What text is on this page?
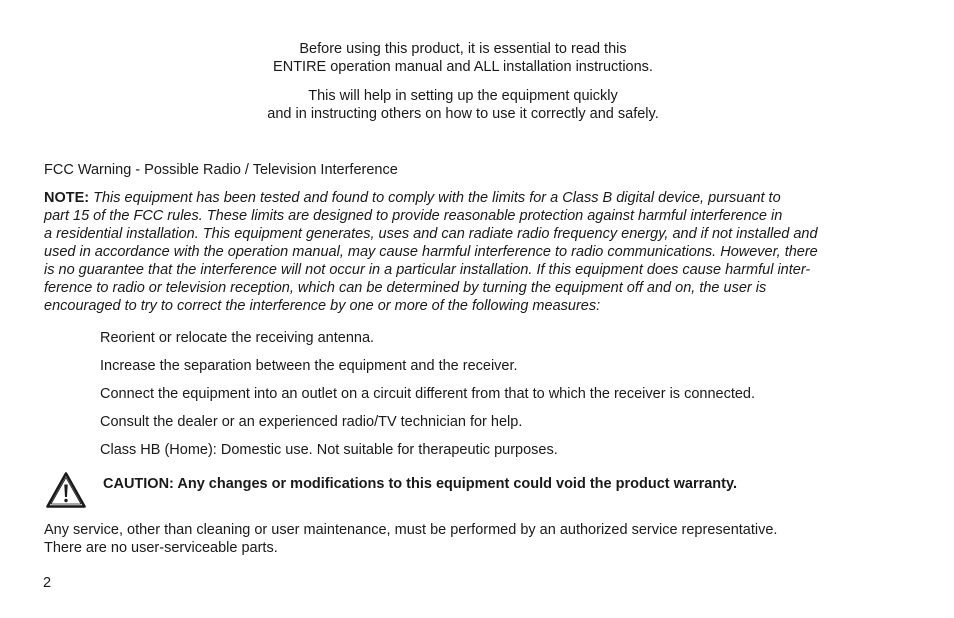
Before using this product, it is essential to read this
ENTIRE operation manual and ALL installation instructions.

This will help in setting up the equipment quickly
and in instructing others on how to use it correctly and safely.

FCC Warning - Possible Radio / Television Interference

NOTE: This equipment has been tested and found to comply with the limits for a Class B digital device, pursuant to
part 15 of the FCC rules. These limits are designed to provide reasonable protection against harmful interference in
a residential installation. This equipment generates, uses and can radiate radio frequency energy, and if not installed and
used in accordance with the operation manual, may cause harmful interference to radio communications. However, there
is no guarantee that the interference will not occur in a particular installation. If this equipment does cause harmful inter-
ference to radio or television reception, which can be determined by turning the equipment off and on, the user is
encouraged to try to correct the interference by one or more of the following measures:

Reorient or relocate the receiving antenna.
Increase the separation between the equipment and the receiver.
Connect the equipment into an outlet on a circuit different from that to which the receiver is connected.
Consult the dealer or an experienced radio/TV technician for help.
Class HB (Home): Domestic use. Not suitable for therapeutic purposes.

CAUTION: Any changes or modifications to this equipment could void the product warranty.

Any service, other than cleaning or user maintenance, must be performed by an authorized service representative.
There are no user-serviceable parts.

2
